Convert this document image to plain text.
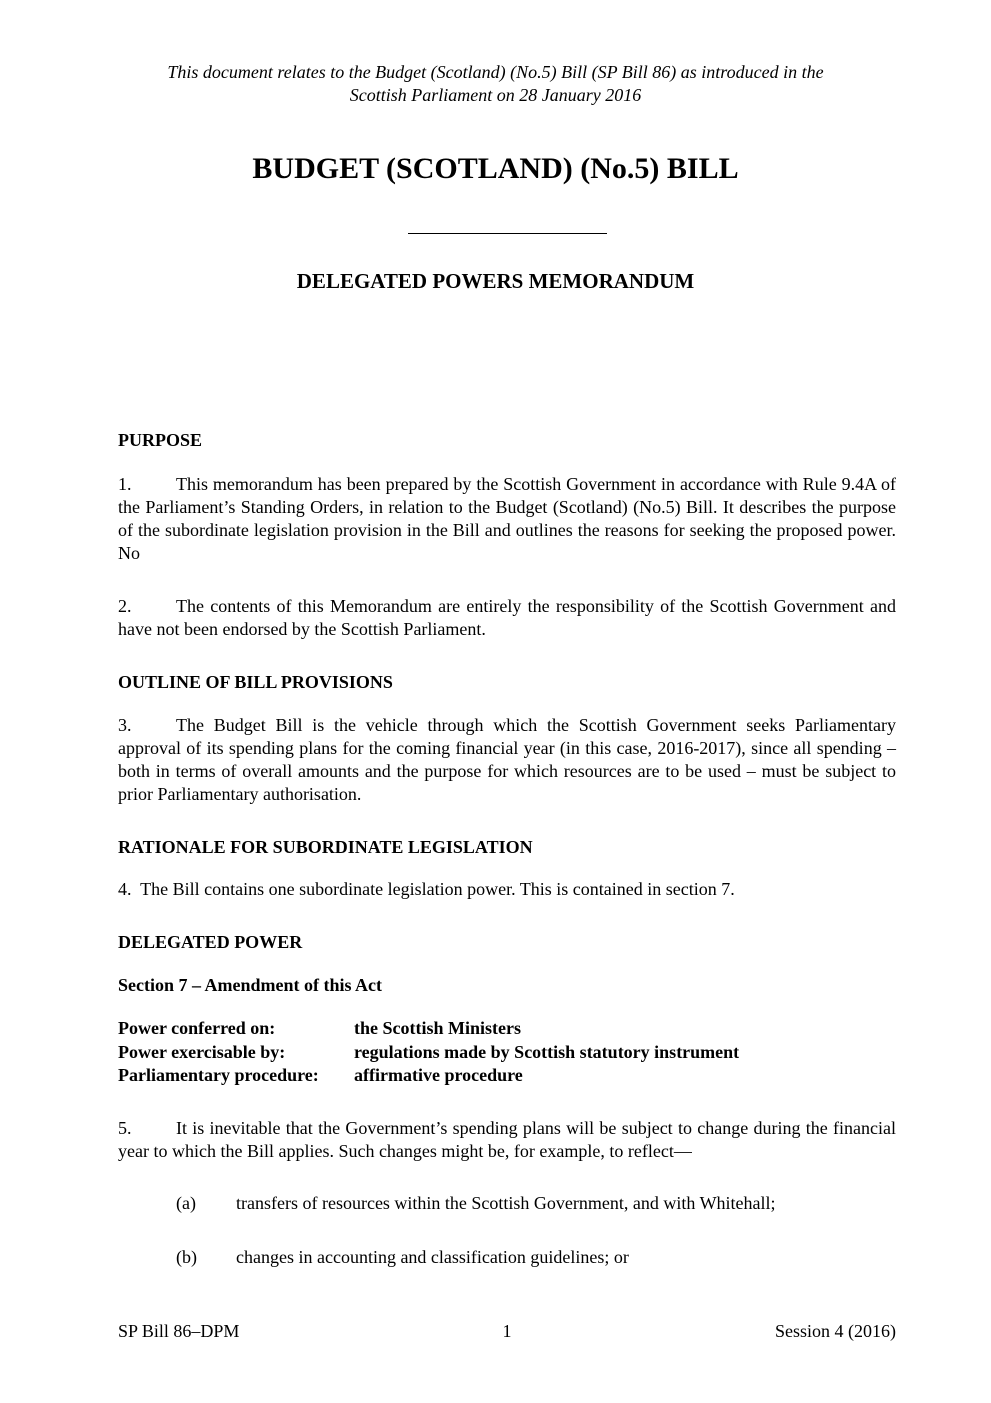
This document relates to the Budget (Scotland) (No.5) Bill (SP Bill 86) as introduced in the
Scottish Parliament on 28 January 2016
BUDGET (SCOTLAND) (No.5) BILL
DELEGATED POWERS MEMORANDUM
PURPOSE
1. This memorandum has been prepared by the Scottish Government in accordance with Rule 9.4A of the Parliament’s Standing Orders, in relation to the Budget (Scotland) (No.5) Bill. It describes the purpose of the subordinate legislation provision in the Bill and outlines the reasons for seeking the proposed power. No
2. The contents of this Memorandum are entirely the responsibility of the Scottish Government and have not been endorsed by the Scottish Parliament.
OUTLINE OF BILL PROVISIONS
3. The Budget Bill is the vehicle through which the Scottish Government seeks Parliamentary approval of its spending plans for the coming financial year (in this case, 2016-2017), since all spending – both in terms of overall amounts and the purpose for which resources are to be used – must be subject to prior Parliamentary authorisation.
RATIONALE FOR SUBORDINATE LEGISLATION
4.  The Bill contains one subordinate legislation power. This is contained in section 7.
DELEGATED POWER
Section 7 – Amendment of this Act
Power conferred on:	the Scottish Ministers
Power exercisable by:	regulations made by Scottish statutory instrument
Parliamentary procedure:	affirmative procedure
5. It is inevitable that the Government’s spending plans will be subject to change during the financial year to which the Bill applies. Such changes might be, for example, to reflect—
(a) transfers of resources within the Scottish Government, and with Whitehall;
(b) changes in accounting and classification guidelines; or
SP Bill 86–DPM	1	Session 4 (2016)
